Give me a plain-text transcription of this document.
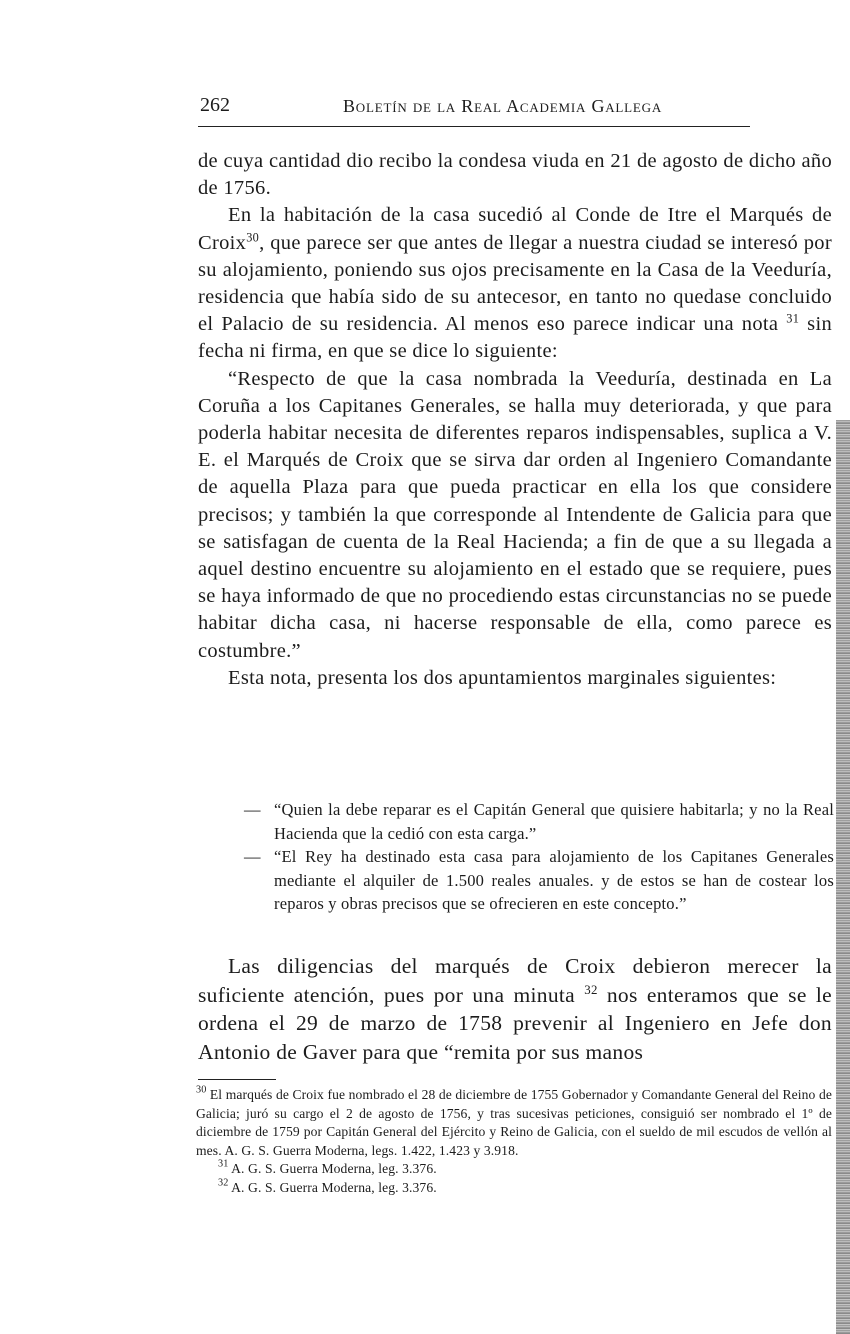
262	Boletín de la Real Academia Gallega

de cuya cantidad dio recibo la condesa viuda en 21 de agosto de dicho año de 1756.

En la habitación de la casa sucedió al Conde de Itre el Marqués de Croix$^{30}$, que parece ser que antes de llegar a nuestra ciudad se interesó por su alojamiento, poniendo sus ojos precisamente en la Casa de la Veeduría, residencia que había sido de su antecesor, en tanto no quedase concluido el Palacio de su residencia. Al menos eso parece indicar una nota $^{31}$ sin fecha ni firma, en que se dice lo siguiente:

“Respecto de que la casa nombrada la Veeduría, destinada en La Coruña a los Capitanes Generales, se halla muy deteriorada, y que para poderla habitar necesita de diferentes reparos indispensables, suplica a V. E. el Marqués de Croix que se sirva dar orden al Ingeniero Comandante de aquella Plaza para que pueda practicar en ella los que considere precisos; y también la que corresponde al Intendente de Galicia para que se satisfagan de cuenta de la Real Hacienda; a fin de que a su llegada a aquel destino encuentre su alojamiento en el estado que se requiere, pues se haya informado de que no procediendo estas circunstancias no se puede habitar dicha casa, ni hacerse responsable de ella, como parece es costumbre.”

Esta nota, presenta los dos apuntamientos marginales siguientes:

— “Quien la debe reparar es el Capitán General que quisiere habitarla; y no la Real Hacienda que la cedió con esta carga.”
— “El Rey ha destinado esta casa para alojamiento de los Capitanes Generales mediante el alquiler de 1.500 reales anuales. y de estos se han de costear los reparos y obras precisos que se ofrecieren en este concepto.”

Las diligencias del marqués de Croix debieron merecer la suficiente atención, pues por una minuta $^{32}$ nos enteramos que se le ordena el 29 de marzo de 1758 prevenir al Ingeniero en Jefe don Antonio de Gaver para que “remita por sus manos

$^{30}$ El marqués de Croix fue nombrado el 28 de diciembre de 1755 Gobernador y Comandante General del Reino de Galicia; juró su cargo el 2 de agosto de 1756, y tras sucesivas peticiones, consiguió ser nombrado el 1º de diciembre de 1759 por Capitán General del Ejército y Reino de Galicia, con el sueldo de mil escudos de vellón al mes. A. G. S. Guerra Moderna, legs. 1.422, 1.423 y 3.918.

$^{31}$ A. G. S. Guerra Moderna, leg. 3.376.

$^{32}$ A. G. S. Guerra Moderna, leg. 3.376.
